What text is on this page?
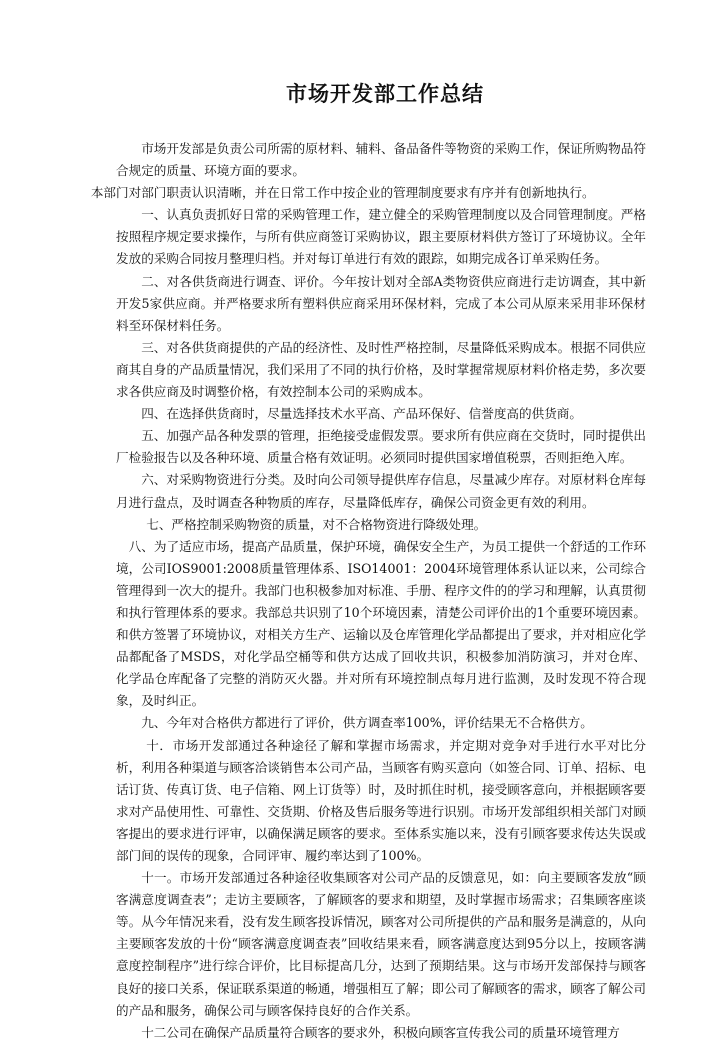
市场开发部工作总结

市场开发部是负责公司所需的原材料、辅料、备品备件等物资的采购工作，保证所购物品符合规定的质量、环境方面的要求。

本部门对部门职责认识清晰，并在日常工作中按企业的管理制度要求有序并有创新地执行。

一、认真负责抓好日常的采购管理工作，建立健全的采购管理制度以及合同管理制度。严格按照程序规定要求操作，与所有供应商签订采购协议，跟主要原材料供方签订了环境协议。全年发放的采购合同按月整理归档。并对每订单进行有效的跟踪，如期完成各订单采购任务。

二、对各供货商进行调查、评价。今年按计划对全部A类物资供应商进行走访调查，其中新开发5家供应商。并严格要求所有塑料供应商采用环保材料，完成了本公司从原来采用非环保材料至环保材料任务。

三、对各供货商提供的产品的经济性、及时性严格控制，尽量降低采购成本。根据不同供应商其自身的产品质量情况，我们采用了不同的执行价格，及时掌握常规原材料价格走势，多次要求各供应商及时调整价格，有效控制本公司的采购成本。

四、在选择供货商时，尽量选择技术水平高、产品环保好、信誉度高的供货商。

五、加强产品各种发票的管理，拒绝接受虚假发票。要求所有供应商在交货时，同时提供出厂检验报告以及各种环境、质量合格有效证明。必须同时提供国家增值税票，否则拒绝入库。

六、对采购物资进行分类。及时向公司领导提供库存信息，尽量减少库存。对原材料仓库每月进行盘点，及时调查各种物质的库存，尽量降低库存，确保公司资金更有效的利用。

七、严格控制采购物资的质量，对不合格物资进行降级处理。

八、为了适应市场，提高产品质量，保护环境，确保安全生产，为员工提供一个舒适的工作环境，公司IOS9001:2008质量管理体系、ISO14001：2004环境管理体系认证以来，公司综合管理得到一次大的提升。我部门也积极参加对标准、手册、程序文件的的学习和理解，认真贯彻和执行管理体系的要求。我部总共识别了10个环境因素，清楚公司评价出的1个重要环境因素。和供方签署了环境协议，对相关方生产、运输以及仓库管理化学品都提出了要求，并对相应化学品都配备了MSDS，对化学品空桶等和供方达成了回收共识，积极参加消防演习，并对仓库、化学品仓库配备了完整的消防灭火器。并对所有环境控制点每月进行监测，及时发现不符合现象，及时纠正。

九、今年对合格供方都进行了评价，供方调查率100%，评价结果无不合格供方。

十．市场开发部通过各种途径了解和掌握市场需求，并定期对竞争对手进行水平对比分析，利用各种渠道与顾客洽谈销售本公司产品，当顾客有购买意向（如签合同、订单、招标、电话订货、传真订货、电子信箱、网上订货等）时，及时抓住时机，接受顾客意向，并根据顾客要求对产品使用性、可靠性、交货期、价格及售后服务等进行识别。市场开发部组织相关部门对顾客提出的要求进行评审，以确保满足顾客的要求。至体系实施以来，没有引顾客要求传达失误或部门间的误传的现象，合同评审、履约率达到了100%。

十一。市场开发部通过各种途径收集顾客对公司产品的反馈意见，如：向主要顾客发放“顾客满意度调查表”；走访主要顾客，了解顾客的要求和期望，及时掌握市场需求；召集顾客座谈等。从今年情况来看，没有发生顾客投诉情况，顾客对公司所提供的产品和服务是满意的，从向主要顾客发放的十份“顾客满意度调查表”回收结果来看，顾客满意度达到95分以上，按顾客满意度控制程序”进行综合评价，比目标提高几分，达到了预期结果。这与市场开发部保持与顾客良好的接口关系，保证联系渠道的畅通，增强相互了解；即公司了解顾客的需求，顾客了解公司的产品和服务，确保公司与顾客保持良好的合作关系。

十二公司在确保产品质量符合顾客的要求外，积极向顾客宣传我公司的质量环境管理方
